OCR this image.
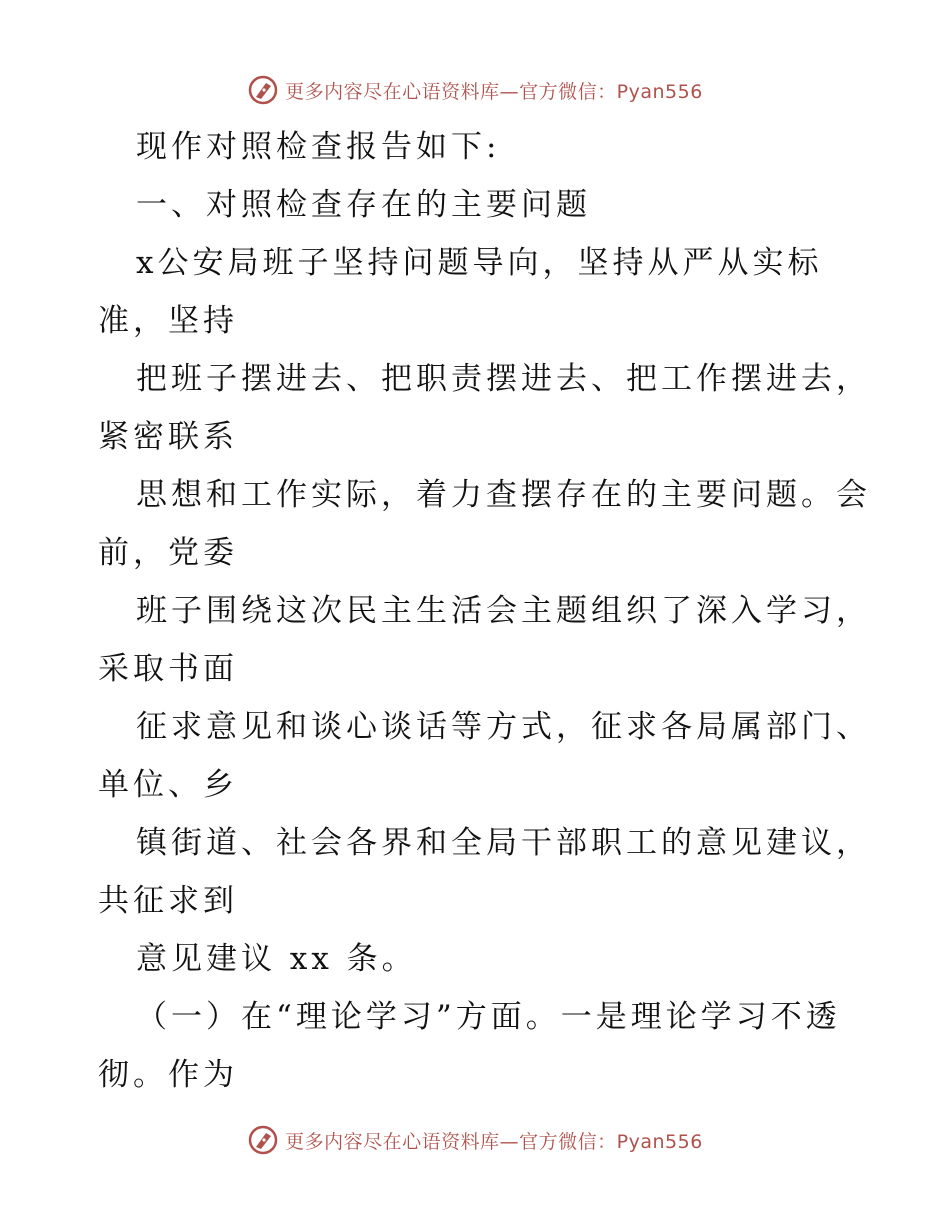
更多内容尽在心语资料库—官方微信：Pyan556
现作对照检查报告如下:
一、对照检查存在的主要问题
x公安局班子坚持问题导向，坚持从严从实标
准，坚持
把班子摆进去、把职责摆进去、把工作摆进去，
紧密联系
思想和工作实际，着力查摆存在的主要问题。会
前，党委
班子围绕这次民主生活会主题组织了深入学习，
采取书面
征求意见和谈心谈话等方式，征求各局属部门、
单位、乡
镇街道、社会各界和全局干部职工的意见建议，
共征求到
意见建议 xx 条。
（一）在“理论学习”方面。一是理论学习不透
彻。作为
更多内容尽在心语资料库—官方微信：Pyan556
